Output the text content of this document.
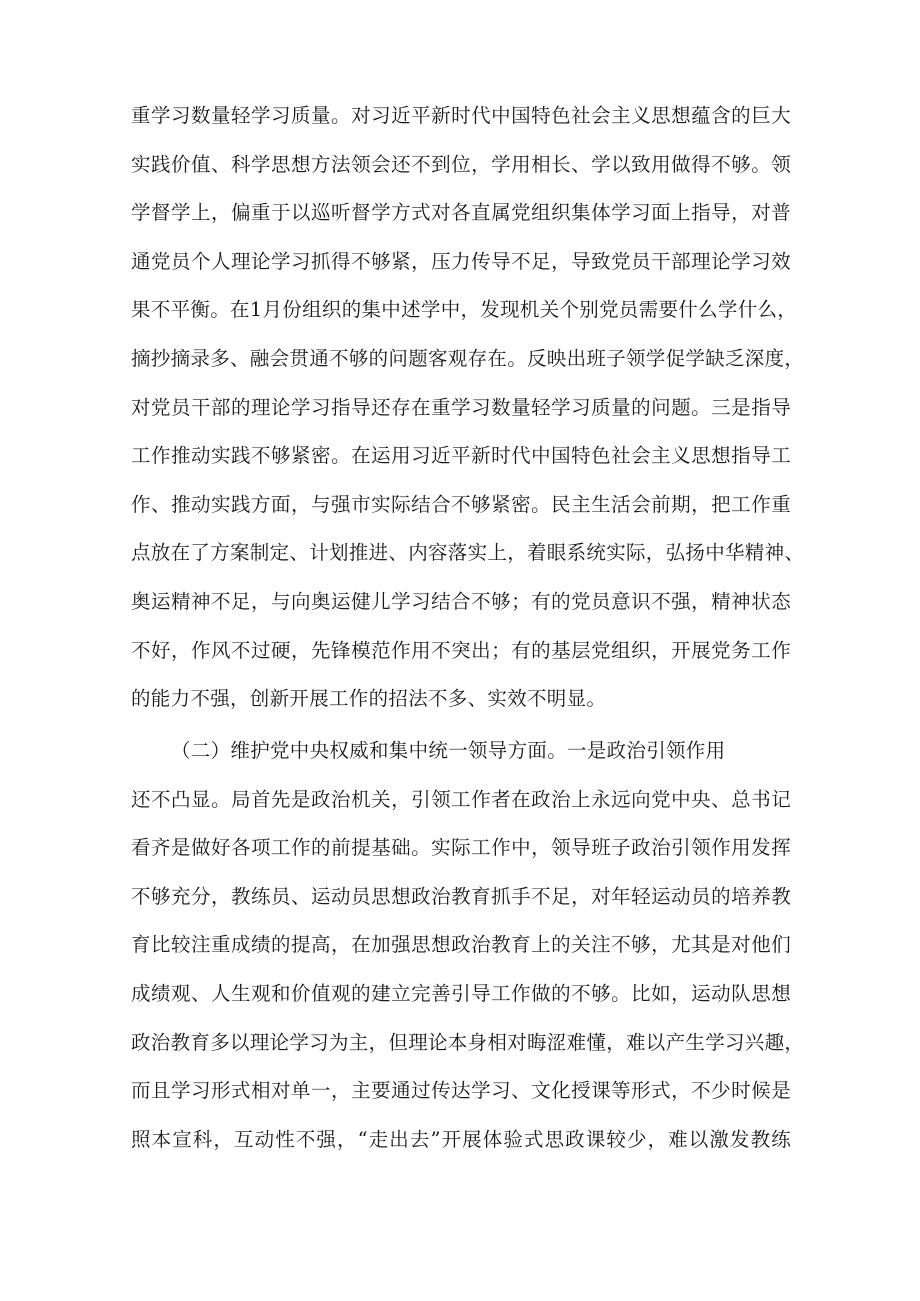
重学习数量轻学习质量。对习近平新时代中国特色社会主义思想蕴含的巨大
实践价值、科学思想方法领会还不到位，学用相长、学以致用做得不够。领
学督学上，偏重于以巡听督学方式对各直属党组织集体学习面上指导，对普
通党员个人理论学习抓得不够紧，压力传导不足，导致党员干部理论学习效
果不平衡。在1月份组织的集中述学中，发现机关个别党员需要什么学什么，
摘抄摘录多、融会贯通不够的问题客观存在。反映出班子领学促学缺乏深度，
对党员干部的理论学习指导还存在重学习数量轻学习质量的问题。三是指导
工作推动实践不够紧密。在运用习近平新时代中国特色社会主义思想指导工
作、推动实践方面，与强市实际结合不够紧密。民主生活会前期，把工作重
点放在了方案制定、计划推进、内容落实上，着眼系统实际，弘扬中华精神、
奥运精神不足，与向奥运健儿学习结合不够；有的党员意识不强，精神状态
不好，作风不过硬，先锋模范作用不突出；有的基层党组织，开展党务工作
的能力不强，创新开展工作的招法不多、实效不明显。
（二）维护党中央权威和集中统一领导方面。一是政治引领作用
还不凸显。局首先是政治机关，引领工作者在政治上永远向党中央、总书记
看齐是做好各项工作的前提基础。实际工作中，领导班子政治引领作用发挥
不够充分，教练员、运动员思想政治教育抓手不足，对年轻运动员的培养教
育比较注重成绩的提高，在加强思想政治教育上的关注不够，尤其是对他们
成绩观、人生观和价值观的建立完善引导工作做的不够。比如，运动队思想
政治教育多以理论学习为主，但理论本身相对晦涩难懂，难以产生学习兴趣，
而且学习形式相对单一，主要通过传达学习、文化授课等形式，不少时候是
照本宣科，互动性不强，“走出去”开展体验式思政课较少，难以激发教练
